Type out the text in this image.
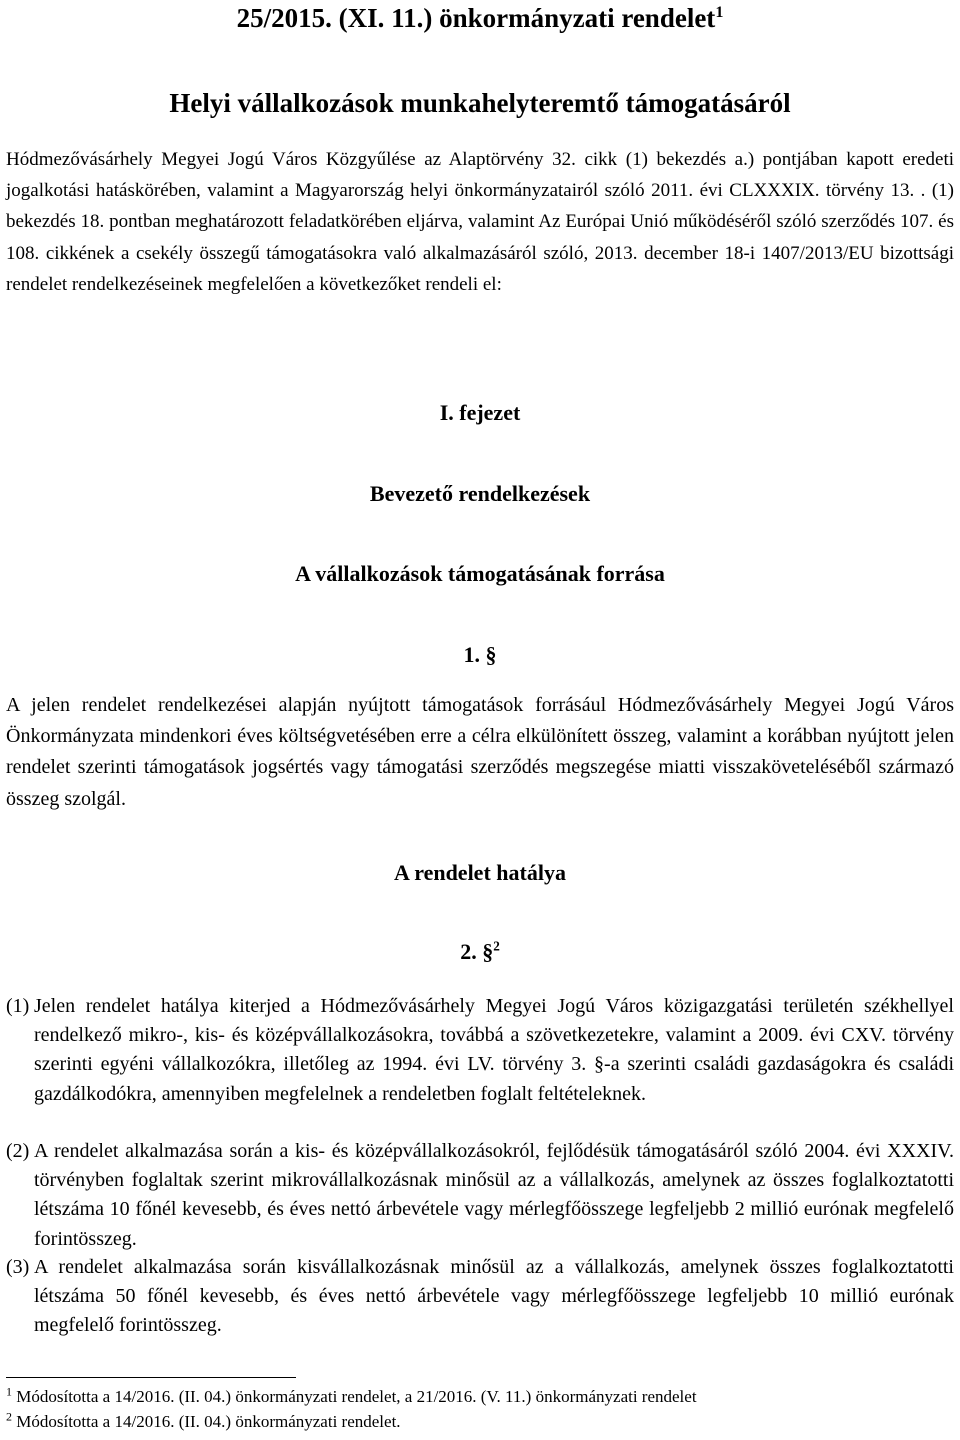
25/2015. (XI. 11.) önkormányzati rendelet$^1$
Helyi vállalkozások munkahelyteremtő támogatásáról

Hódmezővásárhely Megyei Jogú Város Közgyűlése az Alaptörvény 32. cikk (1) bekezdés a.) pontjában kapott eredeti jogalkotási hatáskörében, valamint a Magyarország helyi önkormányzatairól szóló 2011. évi CLXXXIX. törvény 13. . (1) bekezdés 18. pontban meghatározott feladatkörében eljárva, valamint Az Európai Unió működéséről szóló szerződés 107. és 108. cikkének a csekély összegű támogatásokra való alkalmazásáról szóló, 2013. december 18-i 1407/2013/EU bizottsági rendelet rendelkezéseinek megfelelően a következőket rendeli el:

I. fejezet
Bevezető rendelkezések
A vállalkozások támogatásának forrása
1. §

A jelen rendelet rendelkezései alapján nyújtott támogatások forrásául Hódmezővásárhely Megyei Jogú Város Önkormányzata mindenkori éves költségvetésében erre a célra elkülönített összeg, valamint a korábban nyújtott jelen rendelet szerinti támogatások jogsértés vagy támogatási szerződés megszegése miatti visszaköveteléséből származó összeg szolgál.

A rendelet hatálya
2. §$^2$
(1) Jelen rendelet hatálya kiterjed a Hódmezővásárhely Megyei Jogú Város közigazgatási területén székhellyel rendelkező mikro-, kis- és középvállalkozásokra, továbbá a szövetkezetekre, valamint a 2009. évi CXV. törvény szerinti egyéni vállalkozókra, illetőleg az 1994. évi LV. törvény 3. §-a szerinti családi gazdaságokra és családi gazdálkodókra, amennyiben megfelelnek a rendeletben foglalt feltételeknek.
(2) A rendelet alkalmazása során a kis- és középvállalkozásokról, fejlődésük támogatásáról szóló 2004. évi XXXIV. törvényben foglaltak szerint mikrovállalkozásnak minősül az a vállalkozás, amelynek az összes foglalkoztatotti létszáma 10 főnél kevesebb, és éves nettó árbevétele vagy mérlegfőösszege legfeljebb 2 millió eurónak megfelelő forintösszeg.
(3) A rendelet alkalmazása során kisvállalkozásnak minősül az a vállalkozás, amelynek összes foglalkoztatotti létszáma 50 főnél kevesebb, és éves nettó árbevétele vagy mérlegfőösszege legfeljebb 10 millió eurónak megfelelő forintösszeg.

$^1$ Módosította a 14/2016. (II. 04.) önkormányzati rendelet, a 21/2016. (V. 11.) önkormányzati rendelet

$^2$ Módosította a 14/2016. (II. 04.) önkormányzati rendelet.
